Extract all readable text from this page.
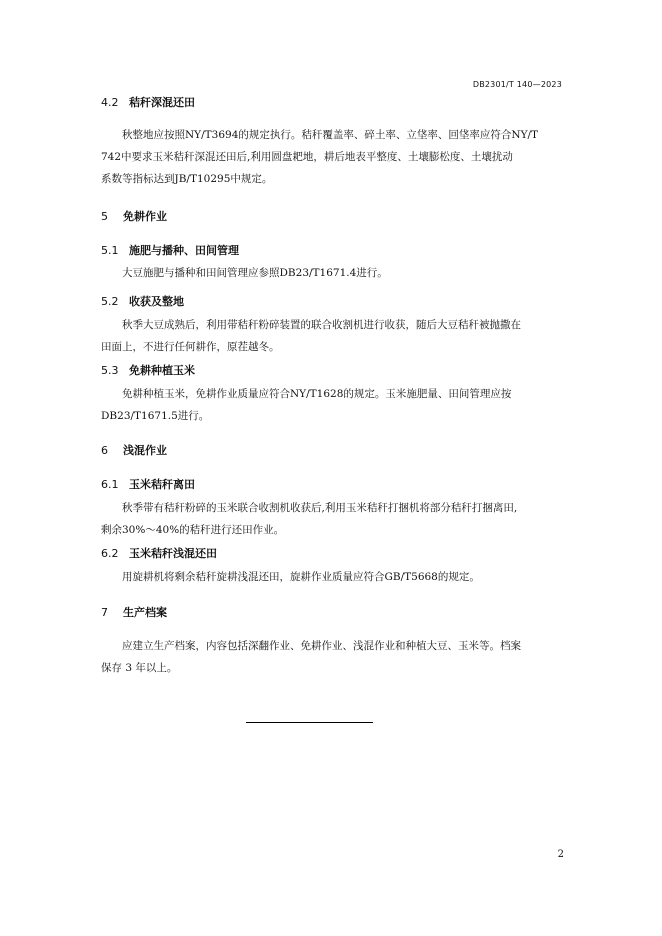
DB2301/T 140—2023
4.2 秸秆深混还田
秋整地应按照NY/T3694的规定执行。秸秆覆盖率、碎土率、立垡率、回垡率应符合NY/T
742中要求玉米秸秆深混还田后,利用圆盘耙地，耕后地表平整度、土壤膨松度、土壤扰动
系数等指标达到JB/T10295中规定。
5 免耕作业
5.1 施肥与播种、田间管理
大豆施肥与播种和田间管理应参照DB23/T1671.4进行。
5.2 收获及整地
秋季大豆成熟后，利用带秸秆粉碎装置的联合收割机进行收获，随后大豆秸秆被抛撒在
田面上，不进行任何耕作，原茬越冬。
5.3 免耕种植玉米
免耕种植玉米，免耕作业质量应符合NY/T1628的规定。玉米施肥量、田间管理应按
DB23/T1671.5进行。
6 浅混作业
6.1 玉米秸秆离田
秋季带有秸秆粉碎的玉米联合收割机收获后,利用玉米秸秆打捆机将部分秸秆打捆离田,
剩余30%～40%的秸秆进行还田作业。
6.2 玉米秸秆浅混还田
用旋耕机将剩余秸秆旋耕浅混还田，旋耕作业质量应符合GB/T5668的规定。
7 生产档案
应建立生产档案，内容包括深翻作业、免耕作业、浅混作业和种植大豆、玉米等。档案
保存 3 年以上。
2
